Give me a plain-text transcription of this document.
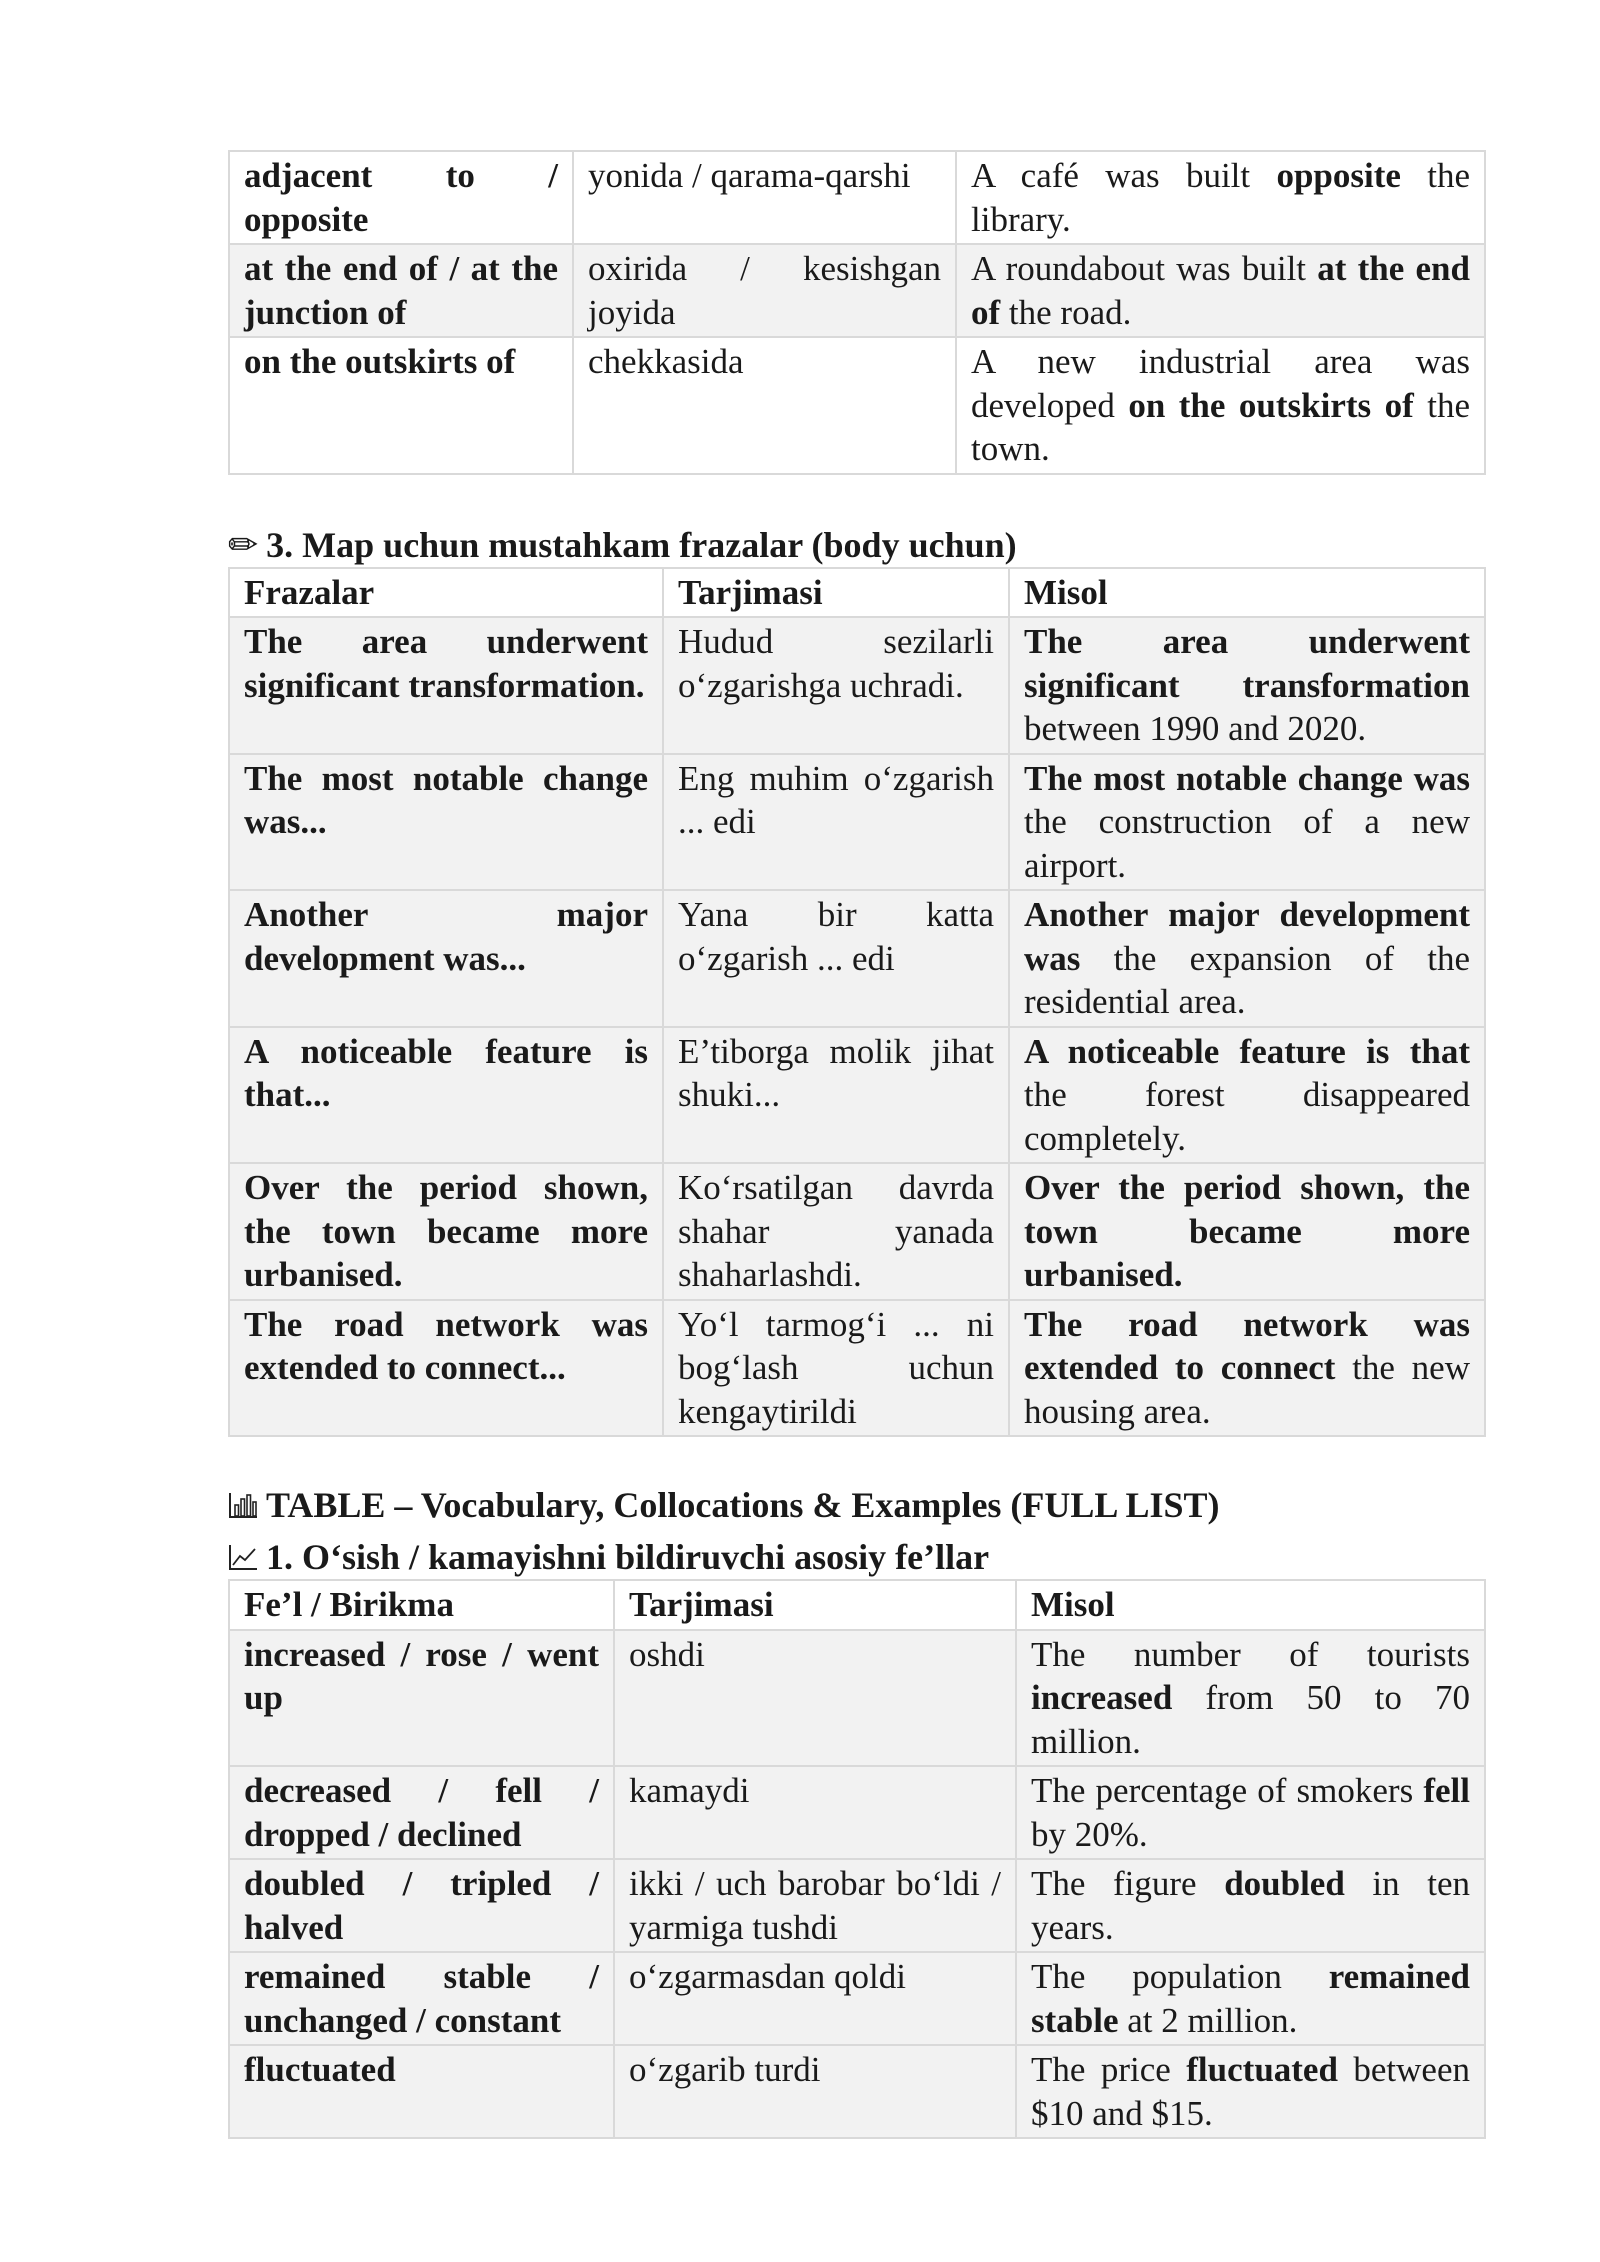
adjacent to / opposite	yonida / qarama-qarshi	A café was built opposite the library.
at the end of / at the junction of	oxirida / kesishgan joyida	A roundabout was built at the end of the road.
on the outskirts of	chekkasida	A new industrial area was developed on the outskirts of the town.
✏ 3. Map uchun mustahkam frazalar (body uchun)
Frazalar	Tarjimasi	Misol
The area underwent significant transformation.	Hudud sezilarli o‘zgarishga uchradi.	The area underwent significant transformation between 1990 and 2020.
The most notable change was...	Eng muhim o‘zgarish ... edi	The most notable change was the construction of a new airport.
Another major development was...	Yana bir katta o‘zgarish ... edi	Another major development was the expansion of the residential area.
A noticeable feature is that...	E’tiborga molik jihat shuki...	A noticeable feature is that the forest disappeared completely.
Over the period shown, the town became more urbanised.	Ko‘rsatilgan davrda shahar yanada shaharlashdi.	Over the period shown, the town became more urbanised.
The road network was extended to connect...	Yo‘l tarmog‘i ... ni bog‘lash uchun kengaytirildi	The road network was extended to connect the new housing area.
TABLE – Vocabulary, Collocations & Examples (FULL LIST)
1. O‘sish / kamayishni bildiruvchi asosiy fe’llar
Fe’l / Birikma	Tarjimasi	Misol
increased / rose / went up	oshdi	The number of tourists increased from 50 to 70 million.
decreased / fell / dropped / declined	kamaydi	The percentage of smokers fell by 20%.
doubled / tripled / halved	ikki / uch barobar bo‘ldi / yarmiga tushdi	The figure doubled in ten years.
remained stable / unchanged / constant	o‘zgarmasdan qoldi	The population remained stable at 2 million.
fluctuated	o‘zgarib turdi	The price fluctuated between $10 and $15.
